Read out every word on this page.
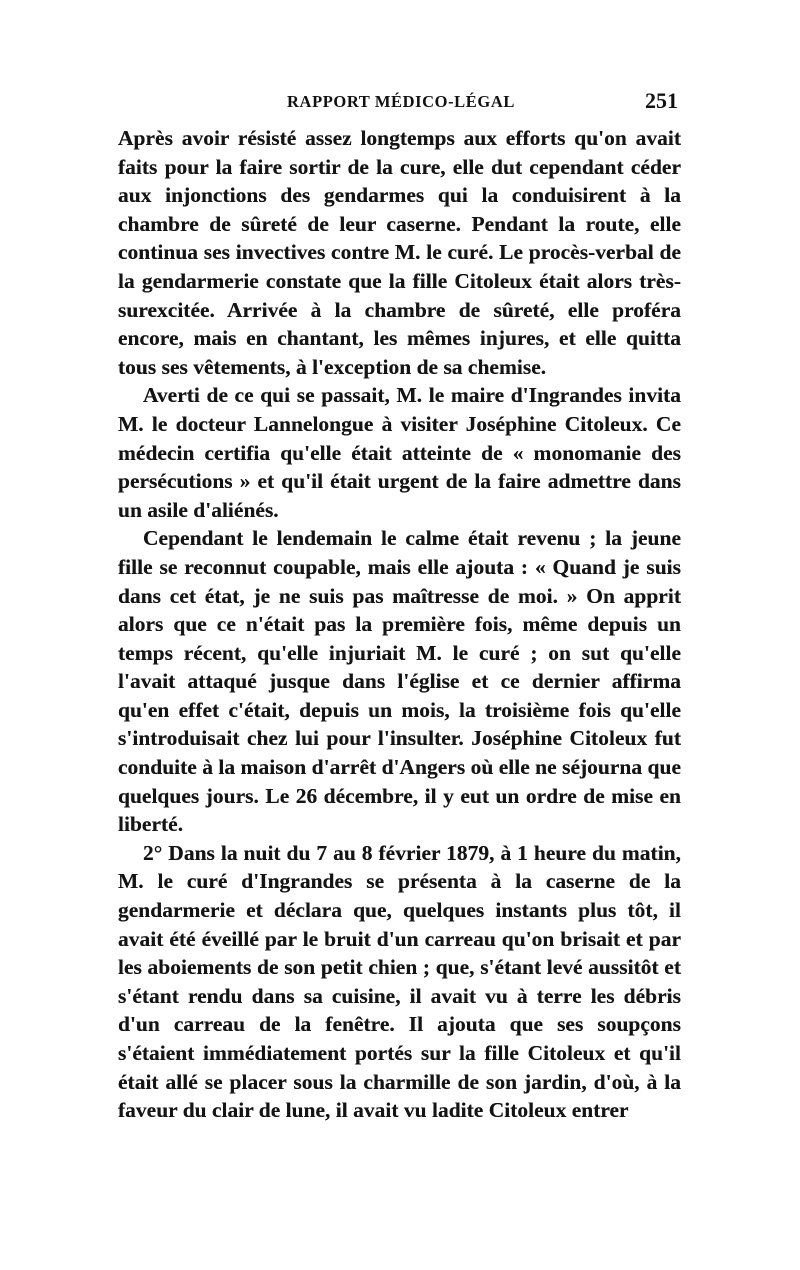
RAPPORT MÉDICO-LÉGAL	251

Après avoir résisté assez longtemps aux efforts qu'on avait faits pour la faire sortir de la cure, elle dut cependant céder aux injonctions des gendarmes qui la conduisirent à la chambre de sûreté de leur caserne. Pendant la route, elle continua ses invectives contre M. le curé. Le procès-verbal de la gendarmerie constate que la fille Citoleux était alors très-surexcitée. Arrivée à la chambre de sûreté, elle proféra encore, mais en chantant, les mêmes injures, et elle quitta tous ses vêtements, à l'exception de sa chemise.

Averti de ce qui se passait, M. le maire d'Ingrandes invita M. le docteur Lannelongue à visiter Joséphine Citoleux. Ce médecin certifia qu'elle était atteinte de « monomanie des persécutions » et qu'il était urgent de la faire admettre dans un asile d'aliénés.

Cependant le lendemain le calme était revenu ; la jeune fille se reconnut coupable, mais elle ajouta : « Quand je suis dans cet état, je ne suis pas maîtresse de moi. » On apprit alors que ce n'était pas la première fois, même depuis un temps récent, qu'elle injuriait M. le curé ; on sut qu'elle l'avait attaqué jusque dans l'église et ce dernier affirma qu'en effet c'était, depuis un mois, la troisième fois qu'elle s'introduisait chez lui pour l'insulter. Joséphine Citoleux fut conduite à la maison d'arrêt d'Angers où elle ne séjourna que quelques jours. Le 26 décembre, il y eut un ordre de mise en liberté.

2° Dans la nuit du 7 au 8 février 1879, à 1 heure du matin, M. le curé d'Ingrandes se présenta à la caserne de la gendarmerie et déclara que, quelques instants plus tôt, il avait été éveillé par le bruit d'un carreau qu'on brisait et par les aboiements de son petit chien ; que, s'étant levé aussitôt et s'étant rendu dans sa cuisine, il avait vu à terre les débris d'un carreau de la fenêtre. Il ajouta que ses soupçons s'étaient immédiatement portés sur la fille Citoleux et qu'il était allé se placer sous la charmille de son jardin, d'où, à la faveur du clair de lune, il avait vu ladite Citoleux entrer
